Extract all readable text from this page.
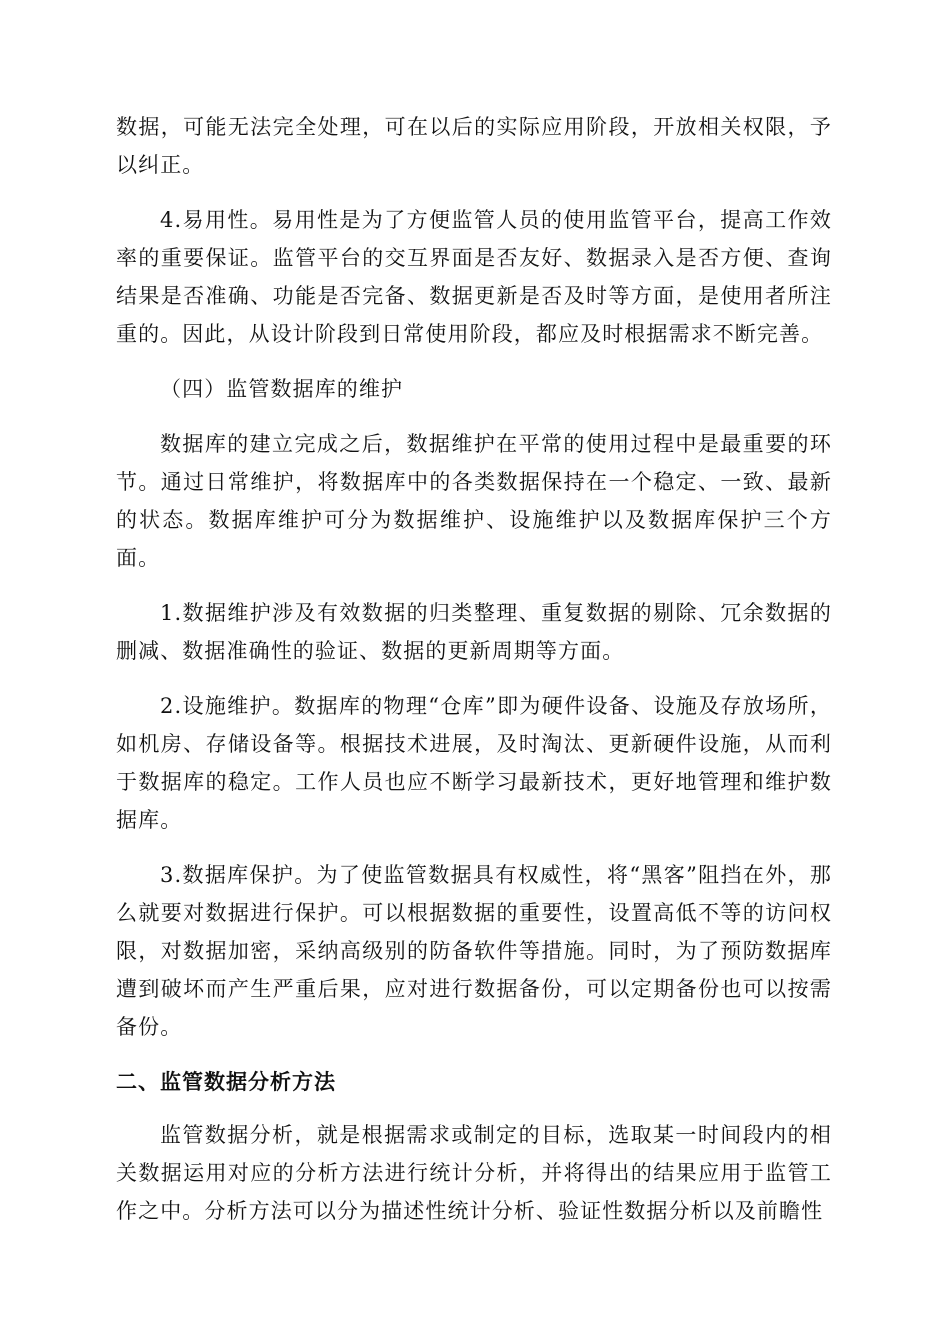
数据，可能无法完全处理，可在以后的实际应用阶段，开放相关权限，予以纠正。

4.易用性。易用性是为了方便监管人员的使用监管平台，提高工作效率的重要保证。监管平台的交互界面是否友好、数据录入是否方便、查询结果是否准确、功能是否完备、数据更新是否及时等方面，是使用者所注重的。因此，从设计阶段到日常使用阶段，都应及时根据需求不断完善。

（四）监管数据库的维护

数据库的建立完成之后，数据维护在平常的使用过程中是最重要的环节。通过日常维护，将数据库中的各类数据保持在一个稳定、一致、最新的状态。数据库维护可分为数据维护、设施维护以及数据库保护三个方面。

1.数据维护涉及有效数据的归类整理、重复数据的剔除、冗余数据的删减、数据准确性的验证、数据的更新周期等方面。

2.设施维护。数据库的物理“仓库”即为硬件设备、设施及存放场所，如机房、存储设备等。根据技术进展，及时淘汰、更新硬件设施，从而利于数据库的稳定。工作人员也应不断学习最新技术，更好地管理和维护数据库。

3.数据库保护。为了使监管数据具有权威性，将“黑客”阻挡在外，那么就要对数据进行保护。可以根据数据的重要性，设置高低不等的访问权限，对数据加密，采纳高级别的防备软件等措施。同时，为了预防数据库遭到破坏而产生严重后果，应对进行数据备份，可以定期备份也可以按需备份。

二、监管数据分析方法

监管数据分析，就是根据需求或制定的目标，选取某一时间段内的相关数据运用对应的分析方法进行统计分析，并将得出的结果应用于监管工作之中。分析方法可以分为描述性统计分析、验证性数据分析以及前瞻性
